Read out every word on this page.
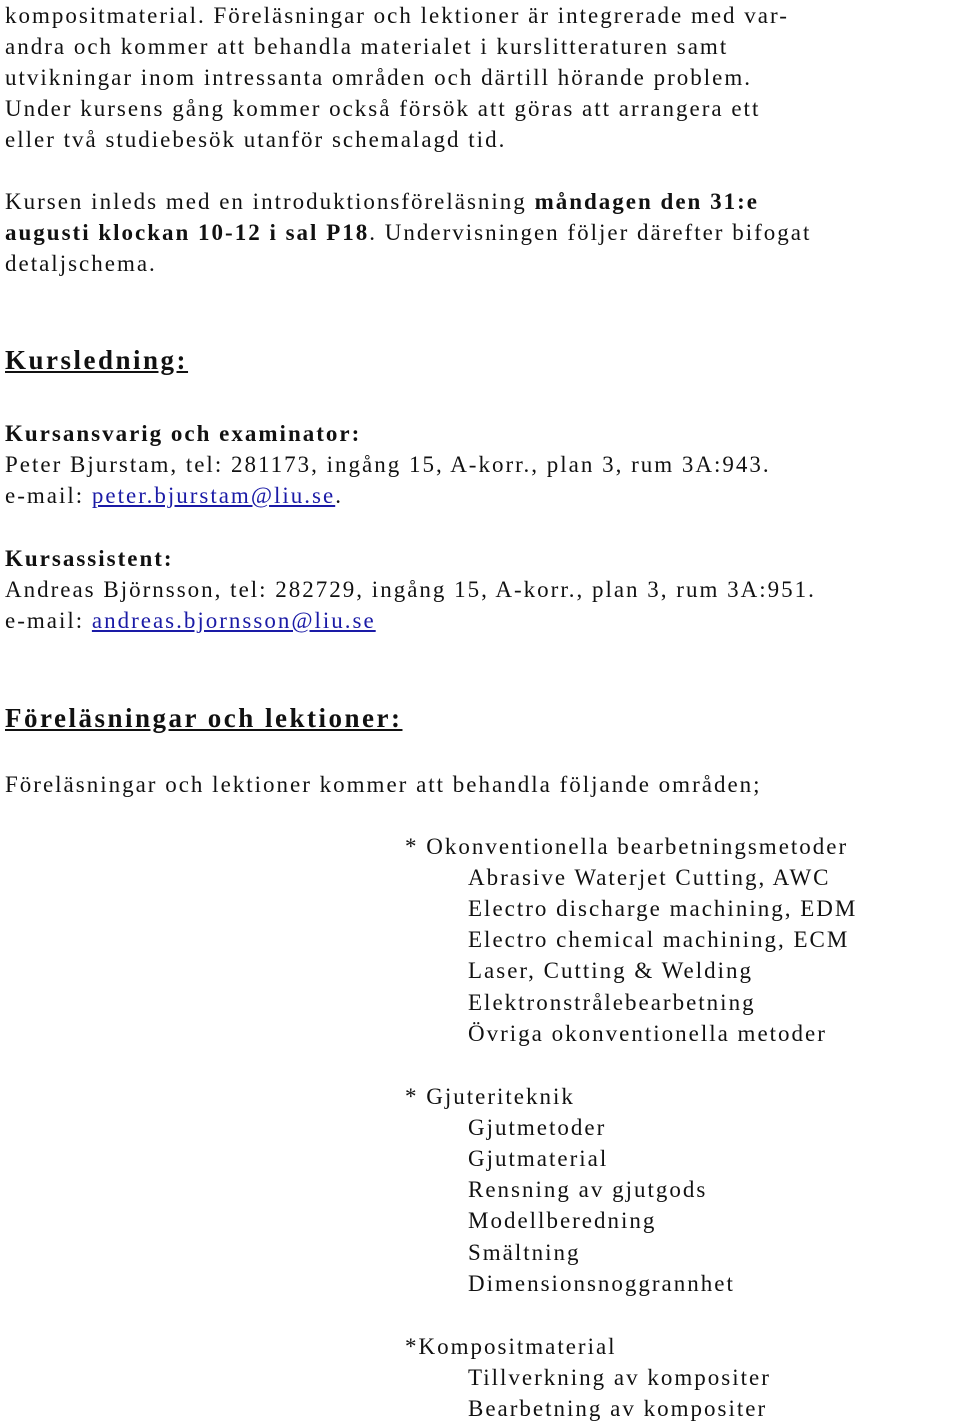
kompositmaterial. Föreläsningar och lektioner är integrerade med var-
andra och kommer att behandla materialet i kurslitteraturen samt
utvikningar inom intressanta områden och därtill hörande problem.
Under kursens gång kommer också försök att göras att arrangera ett
eller två studiebesök utanför schemalagd tid.
Kursen inleds med en introduktionsföreläsning måndagen den 31:e
augusti klockan 10-12 i sal P18. Undervisningen följer därefter bifogat
detaljschema.
Kursledning:
Kursansvarig och examinator:
Peter Bjurstam, tel: 281173, ingång 15, A-korr., plan 3, rum 3A:943.
e-mail: peter.bjurstam@liu.se.
Kursassistent:
Andreas Björnsson, tel: 282729, ingång 15, A-korr., plan 3, rum 3A:951.
e-mail: andreas.bjornsson@liu.se
Föreläsningar och lektioner:
Föreläsningar och lektioner kommer att behandla följande områden;
* Okonventionella bearbetningsmetoder
Abrasive Waterjet Cutting, AWC
Electro discharge machining, EDM
Electro chemical machining, ECM
Laser, Cutting & Welding
Elektronstrålebearbetning
Övriga okonventionella metoder
* Gjuteriteknik
Gjutmetoder
Gjutmaterial
Rensning av gjutgods
Modellberedning
Smältning
Dimensionsnoggrannhet
*Kompositmaterial
Tillverkning av kompositer
Bearbetning av kompositer
